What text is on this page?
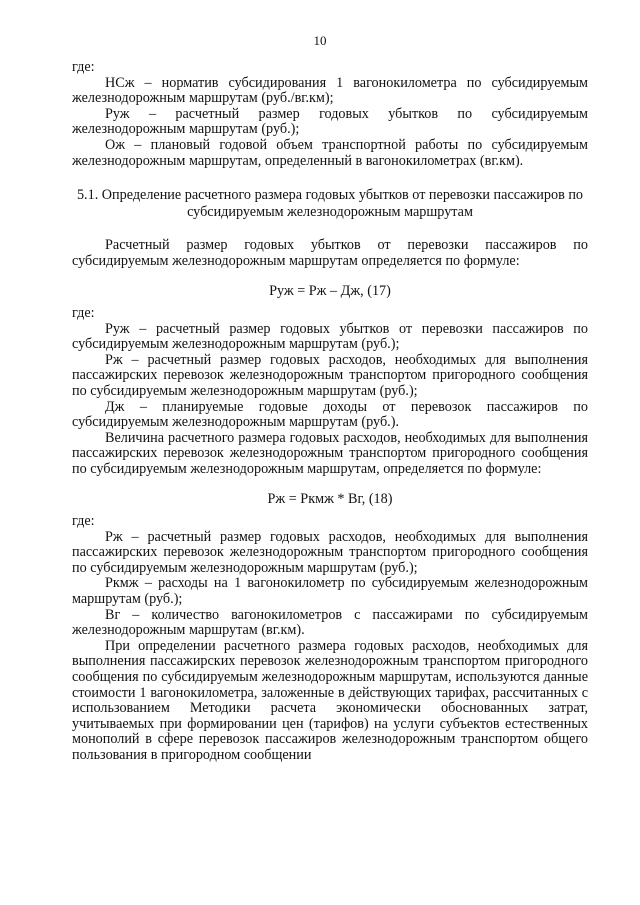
10

где:

НСж – норматив субсидирования 1 вагонокилометра по субсидируемым железнодорожным маршрутам (руб./вг.км);

Руж – расчетный размер годовых убытков по субсидируемым железнодорожным маршрутам (руб.);

Ож – плановый годовой объем транспортной работы по субсидируемым железнодорожным маршрутам, определенный в вагонокилометрах (вг.км).

5.1. Определение расчетного размера годовых убытков от перевозки пассажиров по субсидируемым железнодорожным маршрутам

Расчетный размер годовых убытков от перевозки пассажиров по субсидируемым железнодорожным маршрутам определяется по формуле:

Руж = Рж – Дж, (17)

где:

Руж – расчетный размер годовых убытков от перевозки пассажиров по субсидируемым железнодорожным маршрутам (руб.);

Рж – расчетный размер годовых расходов, необходимых для выполнения пассажирских перевозок железнодорожным транспортом пригородного сообщения по субсидируемым железнодорожным маршрутам (руб.);

Дж – планируемые годовые доходы от перевозок пассажиров по субсидируемым железнодорожным маршрутам (руб.).

Величина расчетного размера годовых расходов, необходимых для выполнения пассажирских перевозок железнодорожным транспортом пригородного сообщения по субсидируемым железнодорожным маршрутам, определяется по формуле:

Рж = Ркмж * Вг, (18)

где:

Рж – расчетный размер годовых расходов, необходимых для выполнения пассажирских перевозок железнодорожным транспортом пригородного сообщения по субсидируемым железнодорожным маршрутам (руб.);

Ркмж – расходы на 1 вагонокилометр по субсидируемым железнодорожным маршрутам (руб.);

Вг – количество вагонокилометров с пассажирами по субсидируемым железнодорожным маршрутам (вг.км).

При определении расчетного размера годовых расходов, необходимых для выполнения пассажирских перевозок железнодорожным транспортом пригородного сообщения по субсидируемым железнодорожным маршрутам, используются данные стоимости 1 вагонокилометра, заложенные в действующих тарифах, рассчитанных с использованием Методики расчета экономически обоснованных затрат, учитываемых при формировании цен (тарифов) на услуги субъектов естественных монополий в сфере перевозок пассажиров железнодорожным транспортом общего пользования в пригородном сообщении
